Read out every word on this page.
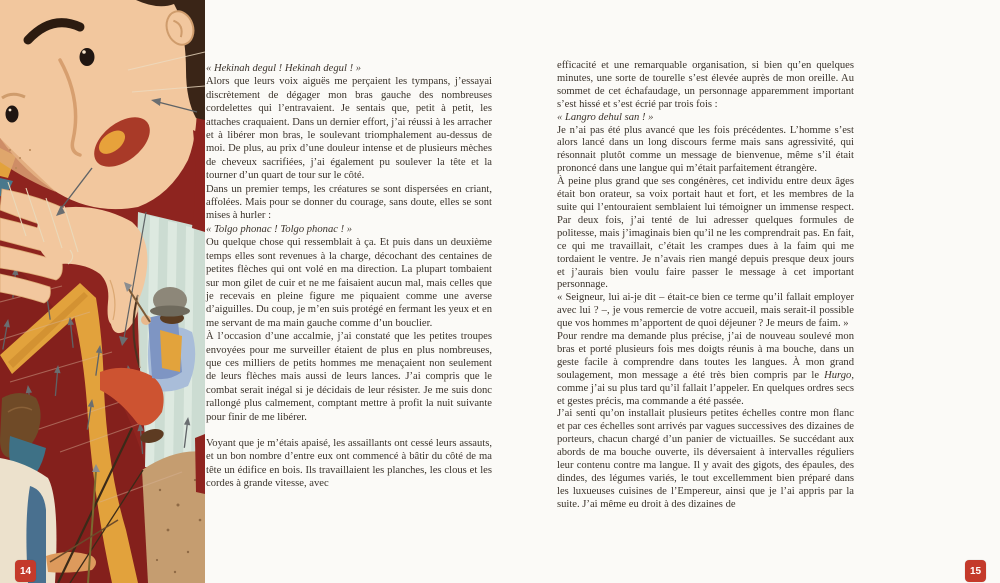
« Hekinah degul ! Hekinah degul ! »

Alors que leurs voix aiguës me perçaient les tympans, j’essayai discrètement de dégager mon bras gauche des nombreuses cordelettes qui l’entravaient. Je sentais que, petit à petit, les attaches craquaient. Dans un dernier effort, j’ai réussi à les arracher et à libérer mon bras, le soulevant triomphalement au-dessus de moi. De plus, au prix d’une douleur intense et de plusieurs mèches de cheveux sacrifiées, j’ai également pu soulever la tête et la tourner d’un quart de tour sur le côté.

Dans un premier temps, les créatures se sont dispersées en criant, affolées. Mais pour se donner du courage, sans doute, elles se sont mises à hurler :

« Tolgo phonac ! Tolgo phonac ! »

Ou quelque chose qui ressemblait à ça. Et puis dans un deuxième temps elles sont revenues à la charge, décochant des centaines de petites flèches qui ont volé en ma direction. La plupart tombaient sur mon gilet de cuir et ne me faisaient aucun mal, mais celles que je recevais en pleine figure me piquaient comme une averse d’aiguilles. Du coup, je m’en suis protégé en fermant les yeux et en me servant de ma main gauche comme d’un bouclier.

À l’occasion d’une accalmie, j’ai constaté que les petites troupes envoyées pour me surveiller étaient de plus en plus nombreuses, que ces milliers de petits hommes me menaçaient non seulement de leurs flèches mais aussi de leurs lances. J’ai compris que le combat serait inégal si je décidais de leur résister. Je me suis donc rallongé plus calmement, comptant mettre à profit la nuit suivante pour finir de me libérer.

Voyant que je m’étais apaisé, les assaillants ont cessé leurs assauts, et un bon nombre d’entre eux ont commencé à bâtir du côté de ma tête un édifice en bois. Ils travaillaient les planches, les clous et les cordes à grande vitesse, avec

efficacité et une remarquable organisation, si bien qu’en quelques minutes, une sorte de tourelle s’est élevée auprès de mon oreille. Au sommet de cet échafaudage, un personnage apparemment important s’est hissé et s’est écrié par trois fois :

« Langro dehul san ! »

Je n’ai pas été plus avancé que les fois précédentes. L’homme s’est alors lancé dans un long discours ferme mais sans agressivité, qui résonnait plutôt comme un message de bienvenue, même s’il était prononcé dans une langue qui m’était parfaitement étrangère.

À peine plus grand que ses congénères, cet individu entre deux âges était bon orateur, sa voix portait haut et fort, et les membres de la suite qui l’entouraient semblaient lui témoigner un immense respect. Par deux fois, j’ai tenté de lui adresser quelques formules de politesse, mais j’imaginais bien qu’il ne les comprendrait pas. En fait, ce qui me travaillait, c’était les crampes dues à la faim qui me tordaient le ventre. Je n’avais rien mangé depuis presque deux jours et j’aurais bien voulu faire passer le message à cet important personnage.

« Seigneur, lui ai-je dit – était-ce bien ce terme qu’il fallait employer avec lui ? –, je vous remercie de votre accueil, mais serait-il possible que vos hommes m’apportent de quoi déjeuner ? Je meurs de faim. »

Pour rendre ma demande plus précise, j’ai de nouveau soulevé mon bras et porté plusieurs fois mes doigts réunis à ma bouche, dans un geste facile à comprendre dans toutes les langues. À mon grand soulagement, mon message a été très bien compris par le Hurgo, comme j’ai su plus tard qu’il fallait l’appeler. En quelques ordres secs et gestes précis, ma commande a été passée.

J’ai senti qu’on installait plusieurs petites échelles contre mon flanc et par ces échelles sont arrivés par vagues successives des dizaines de porteurs, chacun chargé d’un panier de victuailles. Se succédant aux abords de ma bouche ouverte, ils déversaient à intervalles réguliers leur contenu contre ma langue. Il y avait des gigots, des épaules, des dindes, des légumes variés, le tout excellemment bien préparé dans les luxueuses cuisines de l’Empereur, ainsi que je l’ai appris par la suite. J’ai même eu droit à des dizaines de

14	15
